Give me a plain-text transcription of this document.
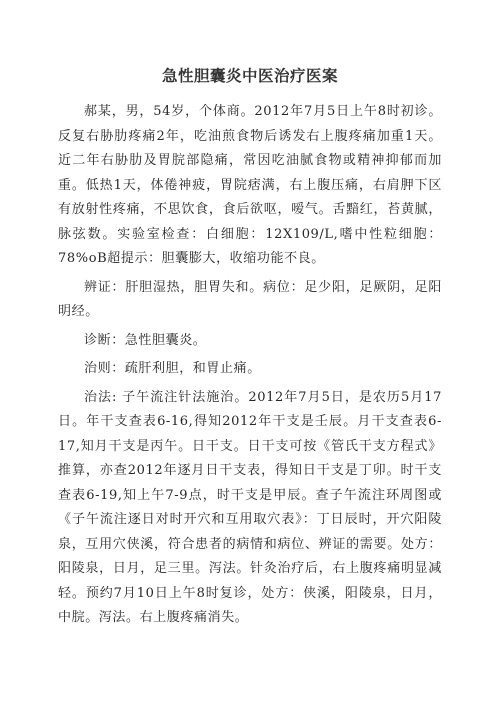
急性胆囊炎中医治疗医案

郝某，男，54岁，个体商。2012年7月5日上午8时初诊。反复右胁肋疼痛2年，吃油煎食物后诱发右上腹疼痛加重1天。近二年右胁肋及胃脘部隐痛，常因吃油腻食物或精神抑郁而加重。低热1天，体倦神疲，胃院痞满，右上腹压痛，右肩胛下区有放射性疼痛，不思饮食，食后欲呕，嗳气。舌黯红，苔黄腻，脉弦数。实验室检查：白细胞：12X109/L,嗜中性粒细胞：78%oB超提示：胆囊膨大，收缩功能不良。

辨证：肝胆湿热，胆胃失和。病位：足少阳，足厥阴，足阳明经。

诊断：急性胆囊炎。

治则：疏肝利胆，和胃止痛。

治法: 子午流注针法施治。2012年7月5日，是农历5月17日。年干支查表6-16,得知2012年干支是壬辰。月干支查表6-17,知月干支是丙午。日干支。日干支可按《管氏干支方程式》推算，亦查2012年逐月日干支表，得知日干支是丁卯。时干支查表6-19,知上午7-9点，时干支是甲辰。查子午流注环周图或《子午流注逐日对时开穴和互用取穴表》：丁日辰时，开穴阳陵泉，互用穴侠溪，符合患者的病情和病位、辨证的需要。处方：阳陵泉，日月，足三里。泻法。针灸治疗后，右上腹疼痛明显减轻。预约7月10日上午8时复诊，处方：侠溪，阳陵泉，日月，中脘。泻法。右上腹疼痛消失。
